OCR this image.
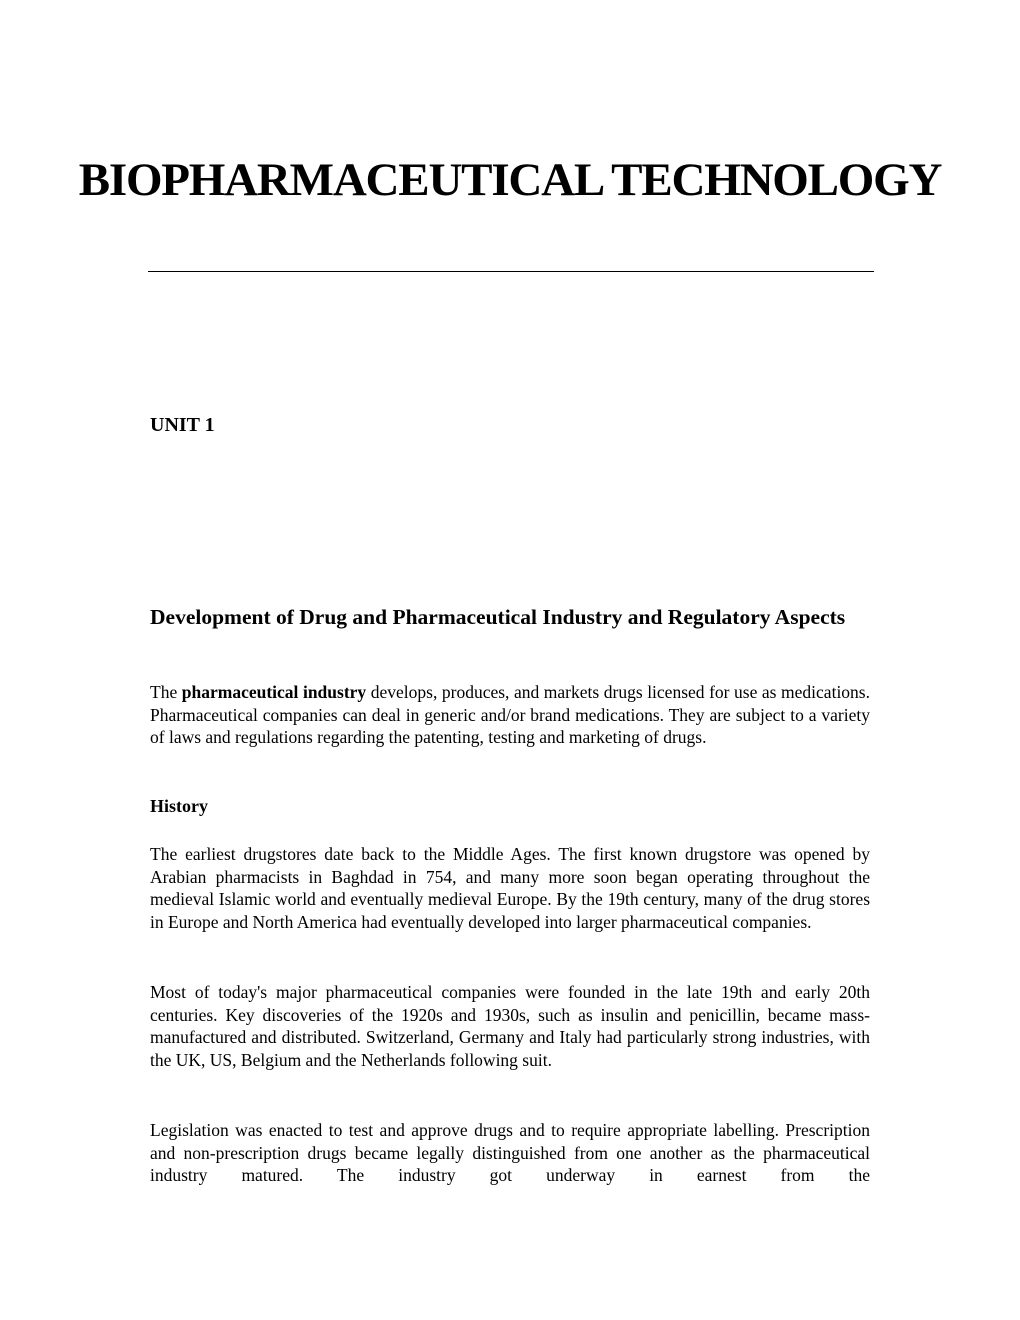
BIOPHARMACEUTICAL TECHNOLOGY
UNIT 1
Development of Drug and Pharmaceutical Industry and Regulatory Aspects

The pharmaceutical industry develops, produces, and markets drugs licensed for use as medications. Pharmaceutical companies can deal in generic and/or brand medications. They are subject to a variety of laws and regulations regarding the patenting, testing and marketing of drugs.

History

The earliest drugstores date back to the Middle Ages. The first known drugstore was opened by Arabian pharmacists in Baghdad in 754, and many more soon began operating throughout the medieval Islamic world and eventually medieval Europe. By the 19th century, many of the drug stores in Europe and North America had eventually developed into larger pharmaceutical companies.

Most of today's major pharmaceutical companies were founded in the late 19th and early 20th centuries. Key discoveries of the 1920s and 1930s, such as insulin and penicillin, became mass-manufactured and distributed. Switzerland, Germany and Italy had particularly strong industries, with the UK, US, Belgium and the Netherlands following suit.

Legislation was enacted to test and approve drugs and to require appropriate labelling. Prescription and non-prescription drugs became legally distinguished from one another as the pharmaceutical industry matured. The industry got underway in earnest from the
